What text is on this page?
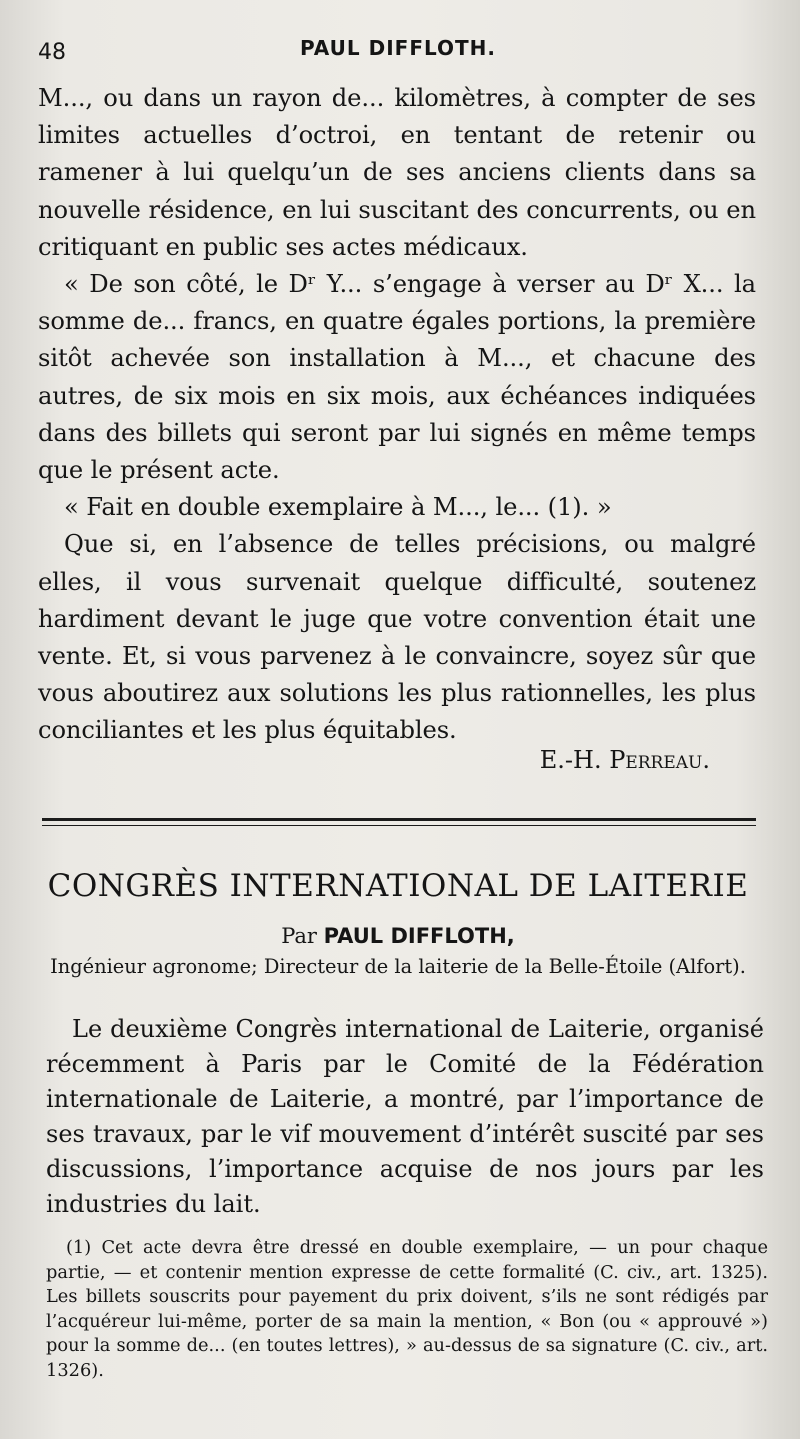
48	PAUL DIFFLOTH.

M..., ou dans un rayon de... kilomètres, à compter de ses limites actuelles d’octroi, en tentant de retenir ou ramener à lui quelqu’un de ses anciens clients dans sa nouvelle résidence, en lui suscitant des concurrents, ou en critiquant en public ses actes médicaux.

« De son côté, le Dʳ Y... s’engage à verser au Dʳ X... la somme de... francs, en quatre égales portions, la première sitôt achevée son installation à M..., et chacune des autres, de six mois en six mois, aux échéances indiquées dans des billets qui seront par lui signés en même temps que le présent acte.

« Fait en double exemplaire à M..., le... (1). »

Que si, en l’absence de telles précisions, ou malgré elles, il vous survenait quelque difficulté, soutenez hardiment devant le juge que votre convention était une vente. Et, si vous parvenez à le convaincre, soyez sûr que vous aboutirez aux solutions les plus rationnelles, les plus conciliantes et les plus équitables.

E.-H. Perreau.
CONGRÈS INTERNATIONAL DE LAITERIE
Par PAUL DIFFLOTH,
Ingénieur agronome; Directeur de la laiterie de la Belle-Étoile (Alfort).

Le deuxième Congrès international de Laiterie, organisé récemment à Paris par le Comité de la Fédération internationale de Laiterie, a montré, par l’importance de ses travaux, par le vif mouvement d’intérêt suscité par ses discussions, l’importance acquise de nos jours par les industries du lait.

(1) Cet acte devra être dressé en double exemplaire, — un pour chaque partie, — et contenir mention expresse de cette formalité (C. civ., art. 1325). Les billets souscrits pour payement du prix doivent, s’ils ne sont rédigés par l’acquéreur lui-même, porter de sa main la mention, « Bon (ou « approuvé ») pour la somme de... (en toutes lettres), » au-dessus de sa signature (C. civ., art. 1326).
